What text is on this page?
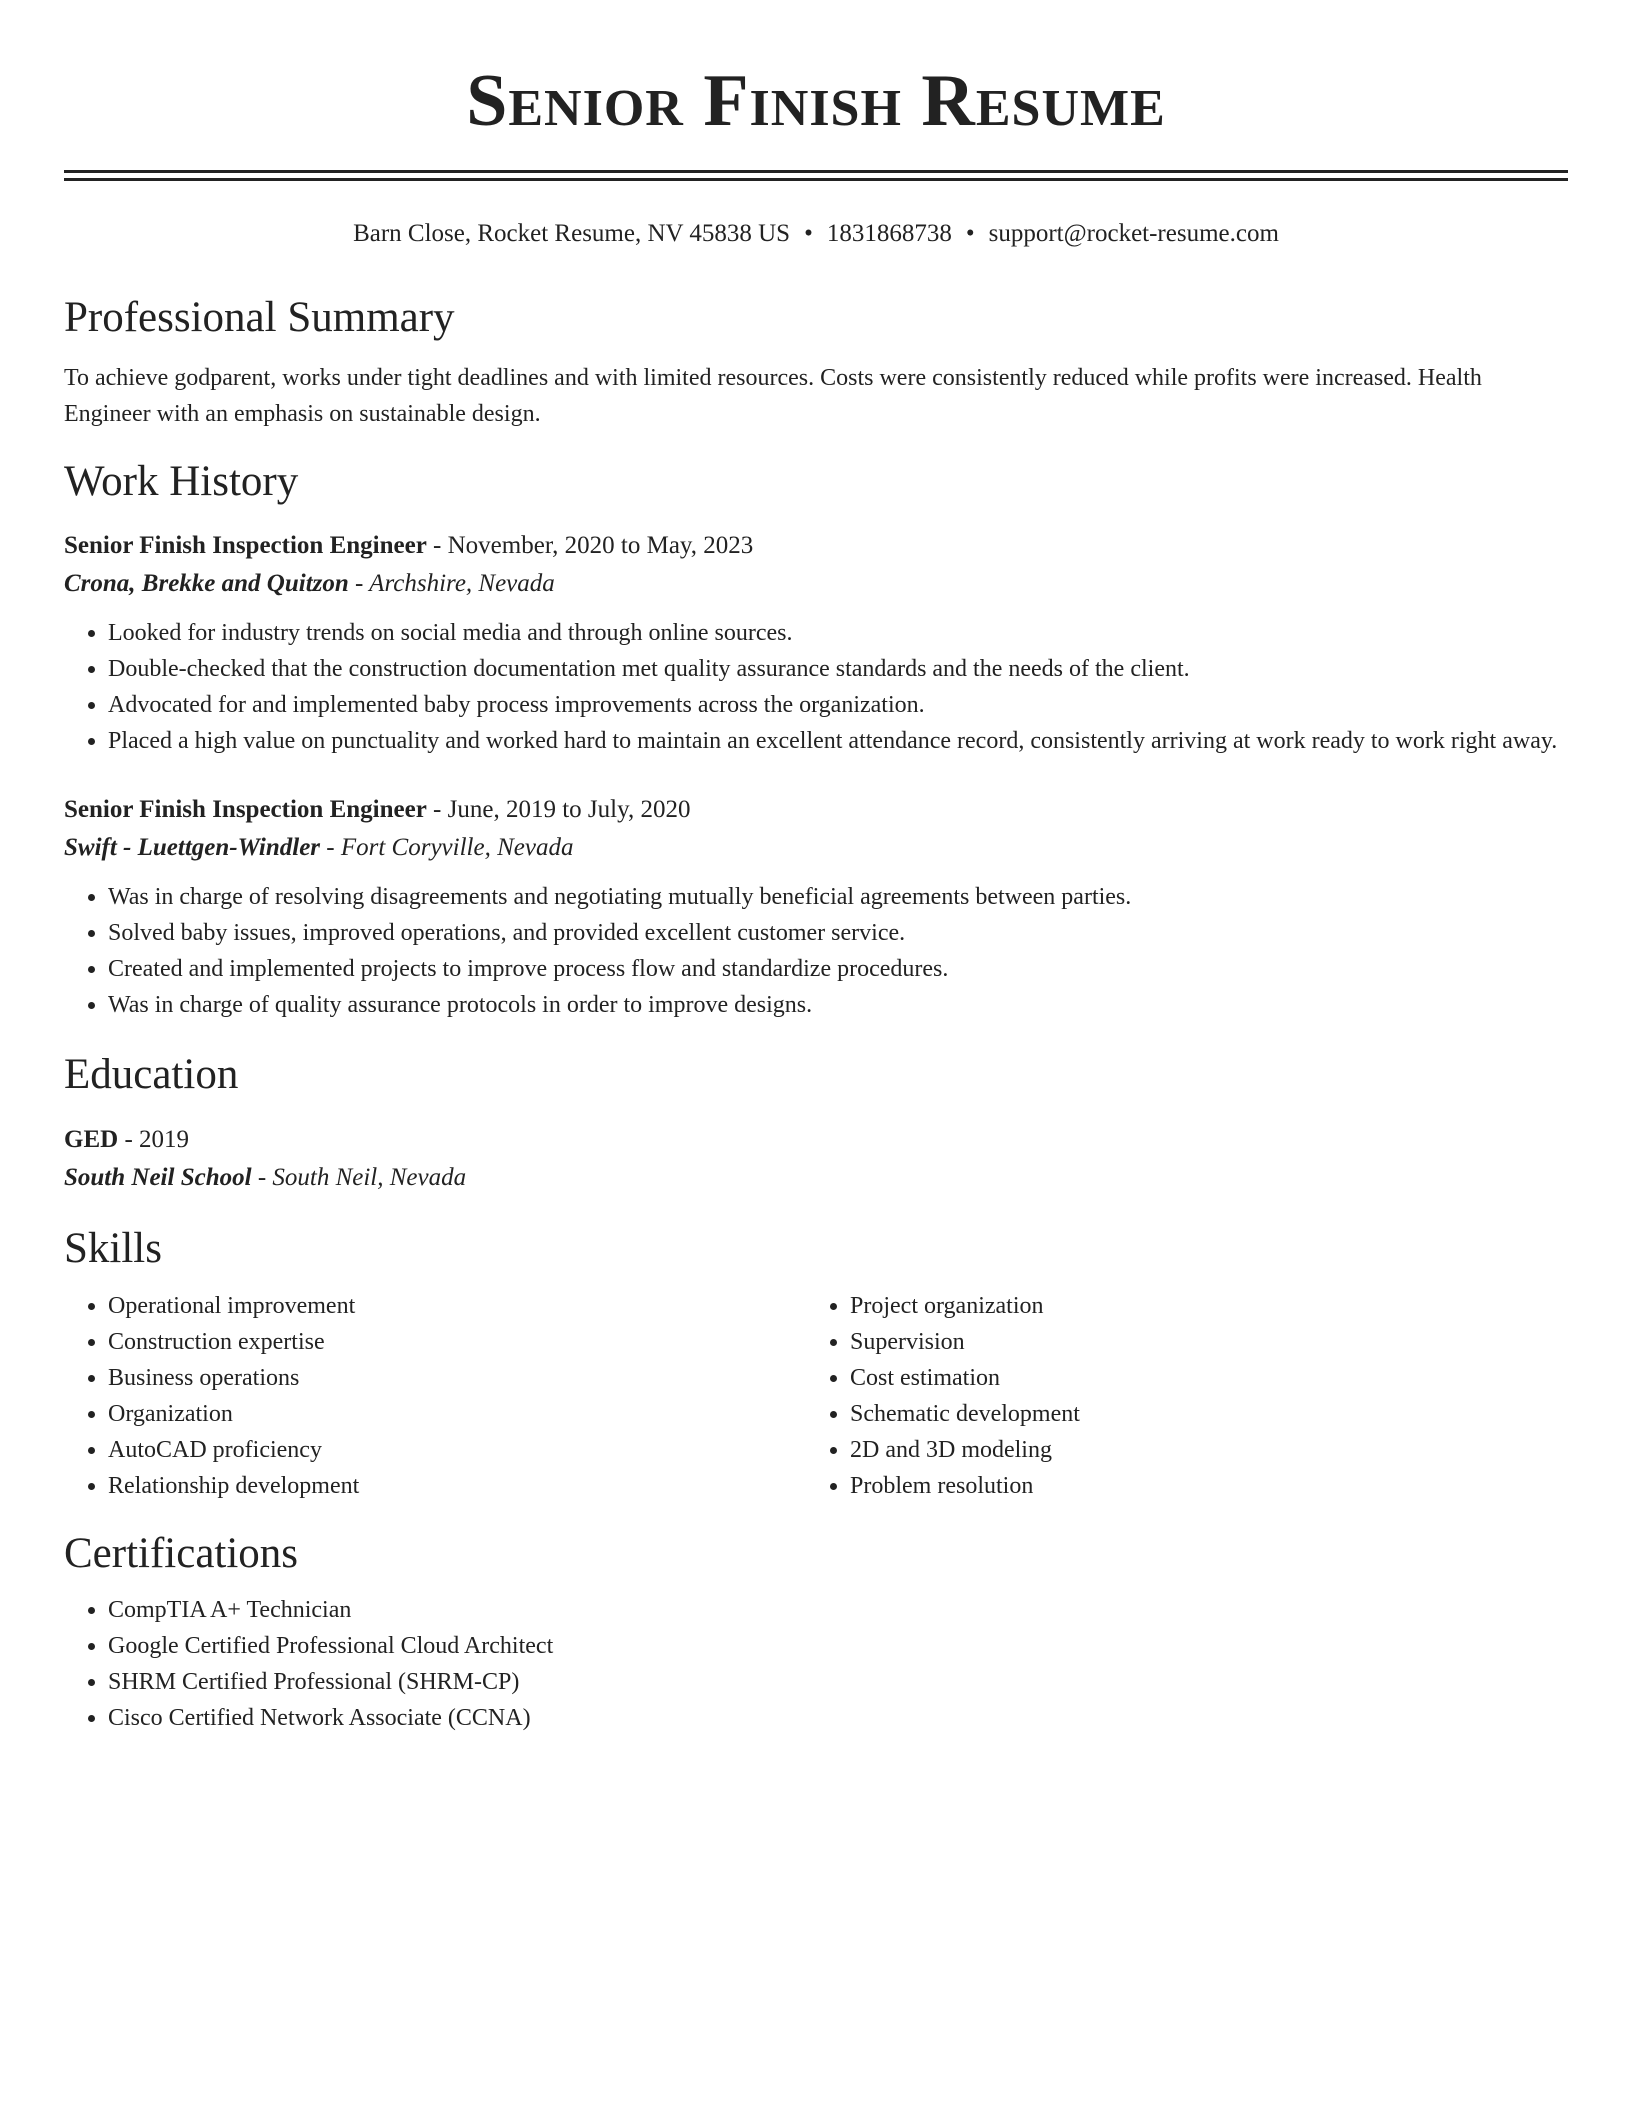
Senior Finish Resume
Barn Close, Rocket Resume, NV 45838 US • 1831868738 • support@rocket-resume.com
Professional Summary

To achieve godparent, works under tight deadlines and with limited resources. Costs were consistently reduced while profits were increased. Health Engineer with an emphasis on sustainable design.

Work History

Senior Finish Inspection Engineer - November, 2020 to May, 2023

Crona, Brekke and Quitzon - Archshire, Nevada

• Looked for industry trends on social media and through online sources.
• Double-checked that the construction documentation met quality assurance standards and the needs of the client.
• Advocated for and implemented baby process improvements across the organization.
• Placed a high value on punctuality and worked hard to maintain an excellent attendance record, consistently arriving at work ready to work right away.

Senior Finish Inspection Engineer - June, 2019 to July, 2020

Swift - Luettgen-Windler - Fort Coryville, Nevada

• Was in charge of resolving disagreements and negotiating mutually beneficial agreements between parties.
• Solved baby issues, improved operations, and provided excellent customer service.
• Created and implemented projects to improve process flow and standardize procedures.
• Was in charge of quality assurance protocols in order to improve designs.
Education

GED - 2019

South Neil School - South Neil, Nevada

Skills
• Operational improvement
• Construction expertise
• Business operations
• Organization
• AutoCAD proficiency
• Relationship development
• Project organization
• Supervision
• Cost estimation
• Schematic development
• 2D and 3D modeling
• Problem resolution
Certifications
• CompTIA A+ Technician
• Google Certified Professional Cloud Architect
• SHRM Certified Professional (SHRM-CP)
• Cisco Certified Network Associate (CCNA)
